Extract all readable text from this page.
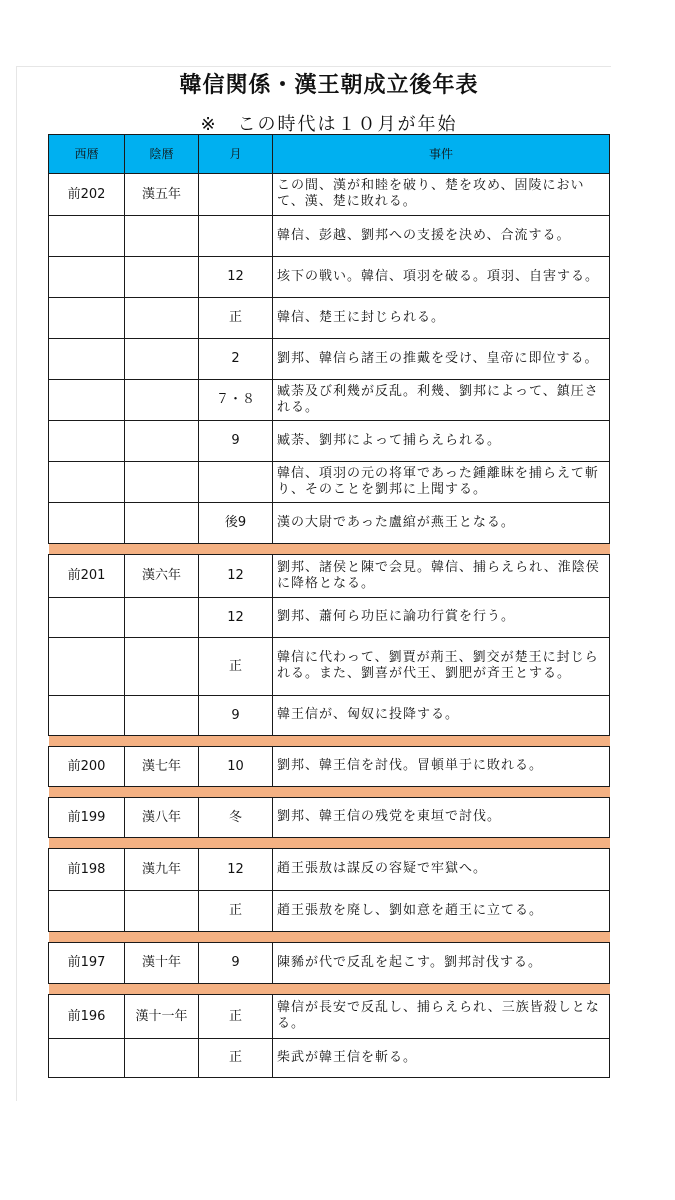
韓信関係・漢王朝成立後年表
※　この時代は１０月が年始
西暦	陰暦	月	事件
前202	漢五年		この間、漢が和睦を破り、楚を攻め、固陵において、漢、楚に敗れる。
			韓信、彭越、劉邦への支援を決め、合流する。
		12	垓下の戦い。韓信、項羽を破る。項羽、自害する。
		正	韓信、楚王に封じられる。
		2	劉邦、韓信ら諸王の推戴を受け、皇帝に即位する。
		７・８	臧荼及び利幾が反乱。利幾、劉邦によって、鎮圧される。
		9	臧荼、劉邦によって捕らえられる。
			韓信、項羽の元の将軍であった鍾離眜を捕らえて斬り、そのことを劉邦に上聞する。
		後9	漢の大尉であった盧綰が燕王となる。

前201	漢六年	12	劉邦、諸侯と陳で会見。韓信、捕らえられ、淮陰侯に降格となる。
		12	劉邦、蕭何ら功臣に論功行賞を行う。
		正	韓信に代わって、劉賈が荊王、劉交が楚王に封じられる。また、劉喜が代王、劉肥が斉王とする。
		9	韓王信が、匈奴に投降する。

前200	漢七年	10	劉邦、韓王信を討伐。冒頓単于に敗れる。

前199	漢八年	冬	劉邦、韓王信の残党を東垣で討伐。

前198	漢九年	12	趙王張敖は謀反の容疑で牢獄へ。
		正	趙王張敖を廃し、劉如意を趙王に立てる。

前197	漢十年	9	陳豨が代で反乱を起こす。劉邦討伐する。

前196	漢十一年	正	韓信が長安で反乱し、捕らえられ、三族皆殺しとなる。
		正	柴武が韓王信を斬る。
